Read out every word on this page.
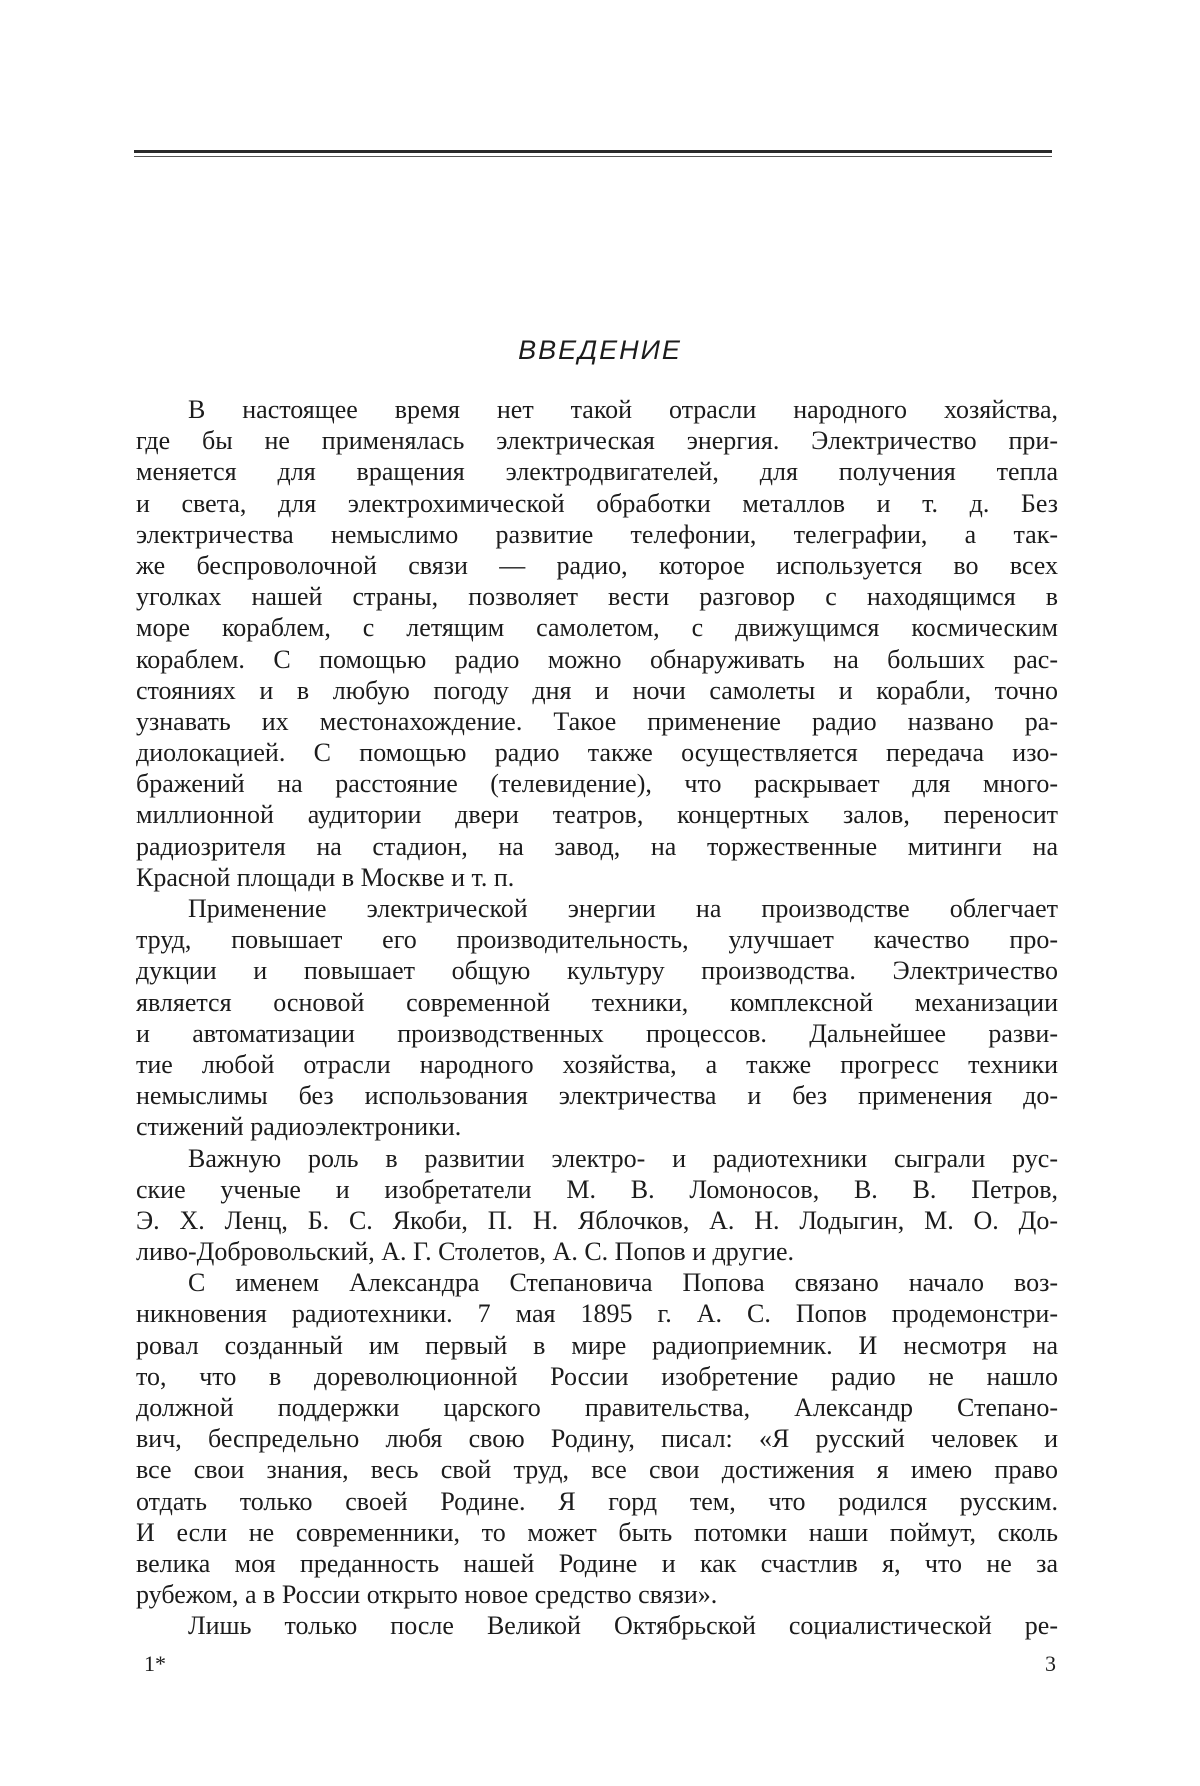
ВВЕДЕНИЕ
В настоящее время нет такой отрасли народного хозяйства,
где бы не применялась электрическая энергия. Электричество при-
меняется для вращения электродвигателей, для получения тепла
и света, для электрохимической обработки металлов и т. д. Без
электричества немыслимо развитие телефонии, телеграфии, а так-
же беспроволочной связи — радио, которое используется во всех
уголках нашей страны, позволяет вести разговор с находящимся в
море кораблем, с летящим самолетом, с движущимся космическим
кораблем. С помощью радио можно обнаруживать на больших рас-
стояниях и в любую погоду дня и ночи самолеты и корабли, точно
узнавать их местонахождение. Такое применение радио названо ра-
диолокацией. С помощью радио также осуществляется передача изо-
бражений на расстояние (телевидение), что раскрывает для много-
миллионной аудитории двери театров, концертных залов, переносит
радиозрителя на стадион, на завод, на торжественные митинги на
Красной площади в Москве и т. п.
Применение электрической энергии на производстве облегчает
труд, повышает его производительность, улучшает качество про-
дукции и повышает общую культуру производства. Электричество
является основой современной техники, комплексной механизации
и автоматизации производственных процессов. Дальнейшее разви-
тие любой отрасли народного хозяйства, а также прогресс техники
немыслимы без использования электричества и без применения до-
стижений радиоэлектроники.
Важную роль в развитии электро- и радиотехники сыграли рус-
ские ученые и изобретатели М. В. Ломоносов, В. В. Петров,
Э. Х. Ленц, Б. С. Якоби, П. Н. Яблочков, А. Н. Лодыгин, М. О. До-
ливо-Добровольский, А. Г. Столетов, А. С. Попов и другие.
С именем Александра Степановича Попова связано начало воз-
никновения радиотехники. 7 мая 1895 г. А. С. Попов продемонстри-
ровал созданный им первый в мире радиоприемник. И несмотря на
то, что в дореволюционной России изобретение радио не нашло
должной поддержки царского правительства, Александр Степано-
вич, беспредельно любя свою Родину, писал: «Я русский человек и
все свои знания, весь свой труд, все свои достижения я имею право
отдать только своей Родине. Я горд тем, что родился русским.
И если не современники, то может быть потомки наши поймут, сколь
велика моя преданность нашей Родине и как счастлив я, что не за
рубежом, а в России открыто новое средство связи».
Лишь только после Великой Октябрьской социалистической ре-
1*	3
